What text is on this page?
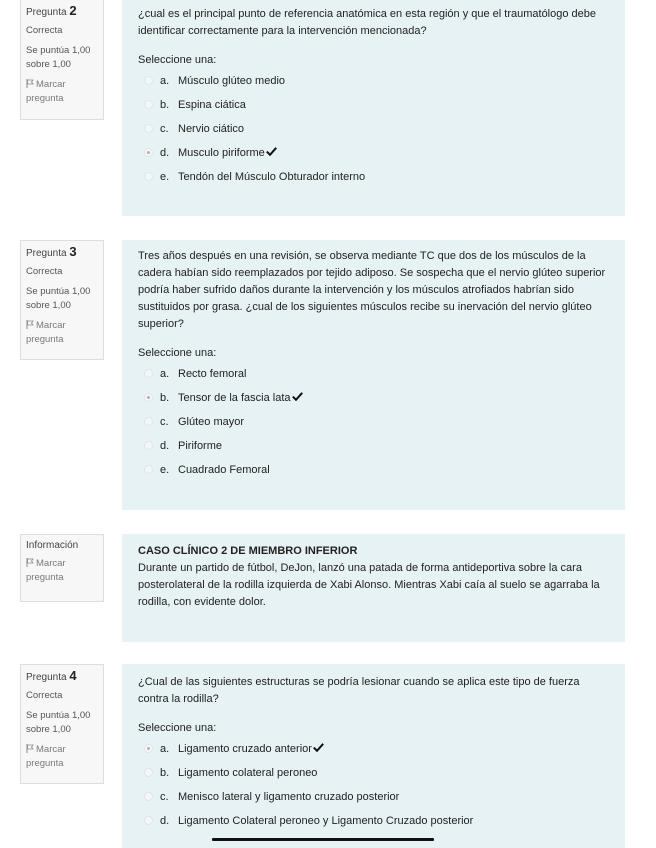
Pregunta 2
Correcta
Se puntúa 1,00
sobre 1,00
Marcar
pregunta

¿cual es el principal punto de referencia anatómica en esta región y que el traumatólogo debe identificar correctamente para la intervención mencionada?

Seleccione una:
a. Músculo glúteo medio
b. Espina ciática
c. Nervio ciático
d. Musculo piriforme
e. Tendón del Músculo Obturador interno
Pregunta 3
Correcta
Se puntúa 1,00
sobre 1,00
Marcar
pregunta

Tres años después en una revisión, se observa mediante TC que dos de los músculos de la cadera habían sido reemplazados por tejido adiposo. Se sospecha que el nervio glúteo superior podría haber sufrido daños durante la intervención y los músculos atrofiados habrían sido sustituidos por grasa. ¿cual de los siguientes músculos recibe su inervación del nervio glúteo superior?

Seleccione una:
a. Recto femoral
b. Tensor de la fascia lata
c. Glúteo mayor
d. Piriforme
e. Cuadrado Femoral
Información
Marcar
pregunta
CASO CLÍNICO 2 DE MIEMBRO INFERIOR

Durante un partido de fútbol, DeJon, lanzó una patada de forma antideportiva sobre la cara posterolateral de la rodilla izquierda de Xabi Alonso. Mientras Xabi caía al suelo se agarraba la rodilla, con evidente dolor.

Pregunta 4
Correcta
Se puntúa 1,00
sobre 1,00
Marcar
pregunta

¿Cual de las siguientes estructuras se podría lesionar cuando se aplica este tipo de fuerza contra la rodilla?

Seleccione una:
a. Ligamento cruzado anterior
b. Ligamento colateral peroneo
c. Menisco lateral y ligamento cruzado posterior
d. Ligamento Colateral peroneo y Ligamento Cruzado posterior
